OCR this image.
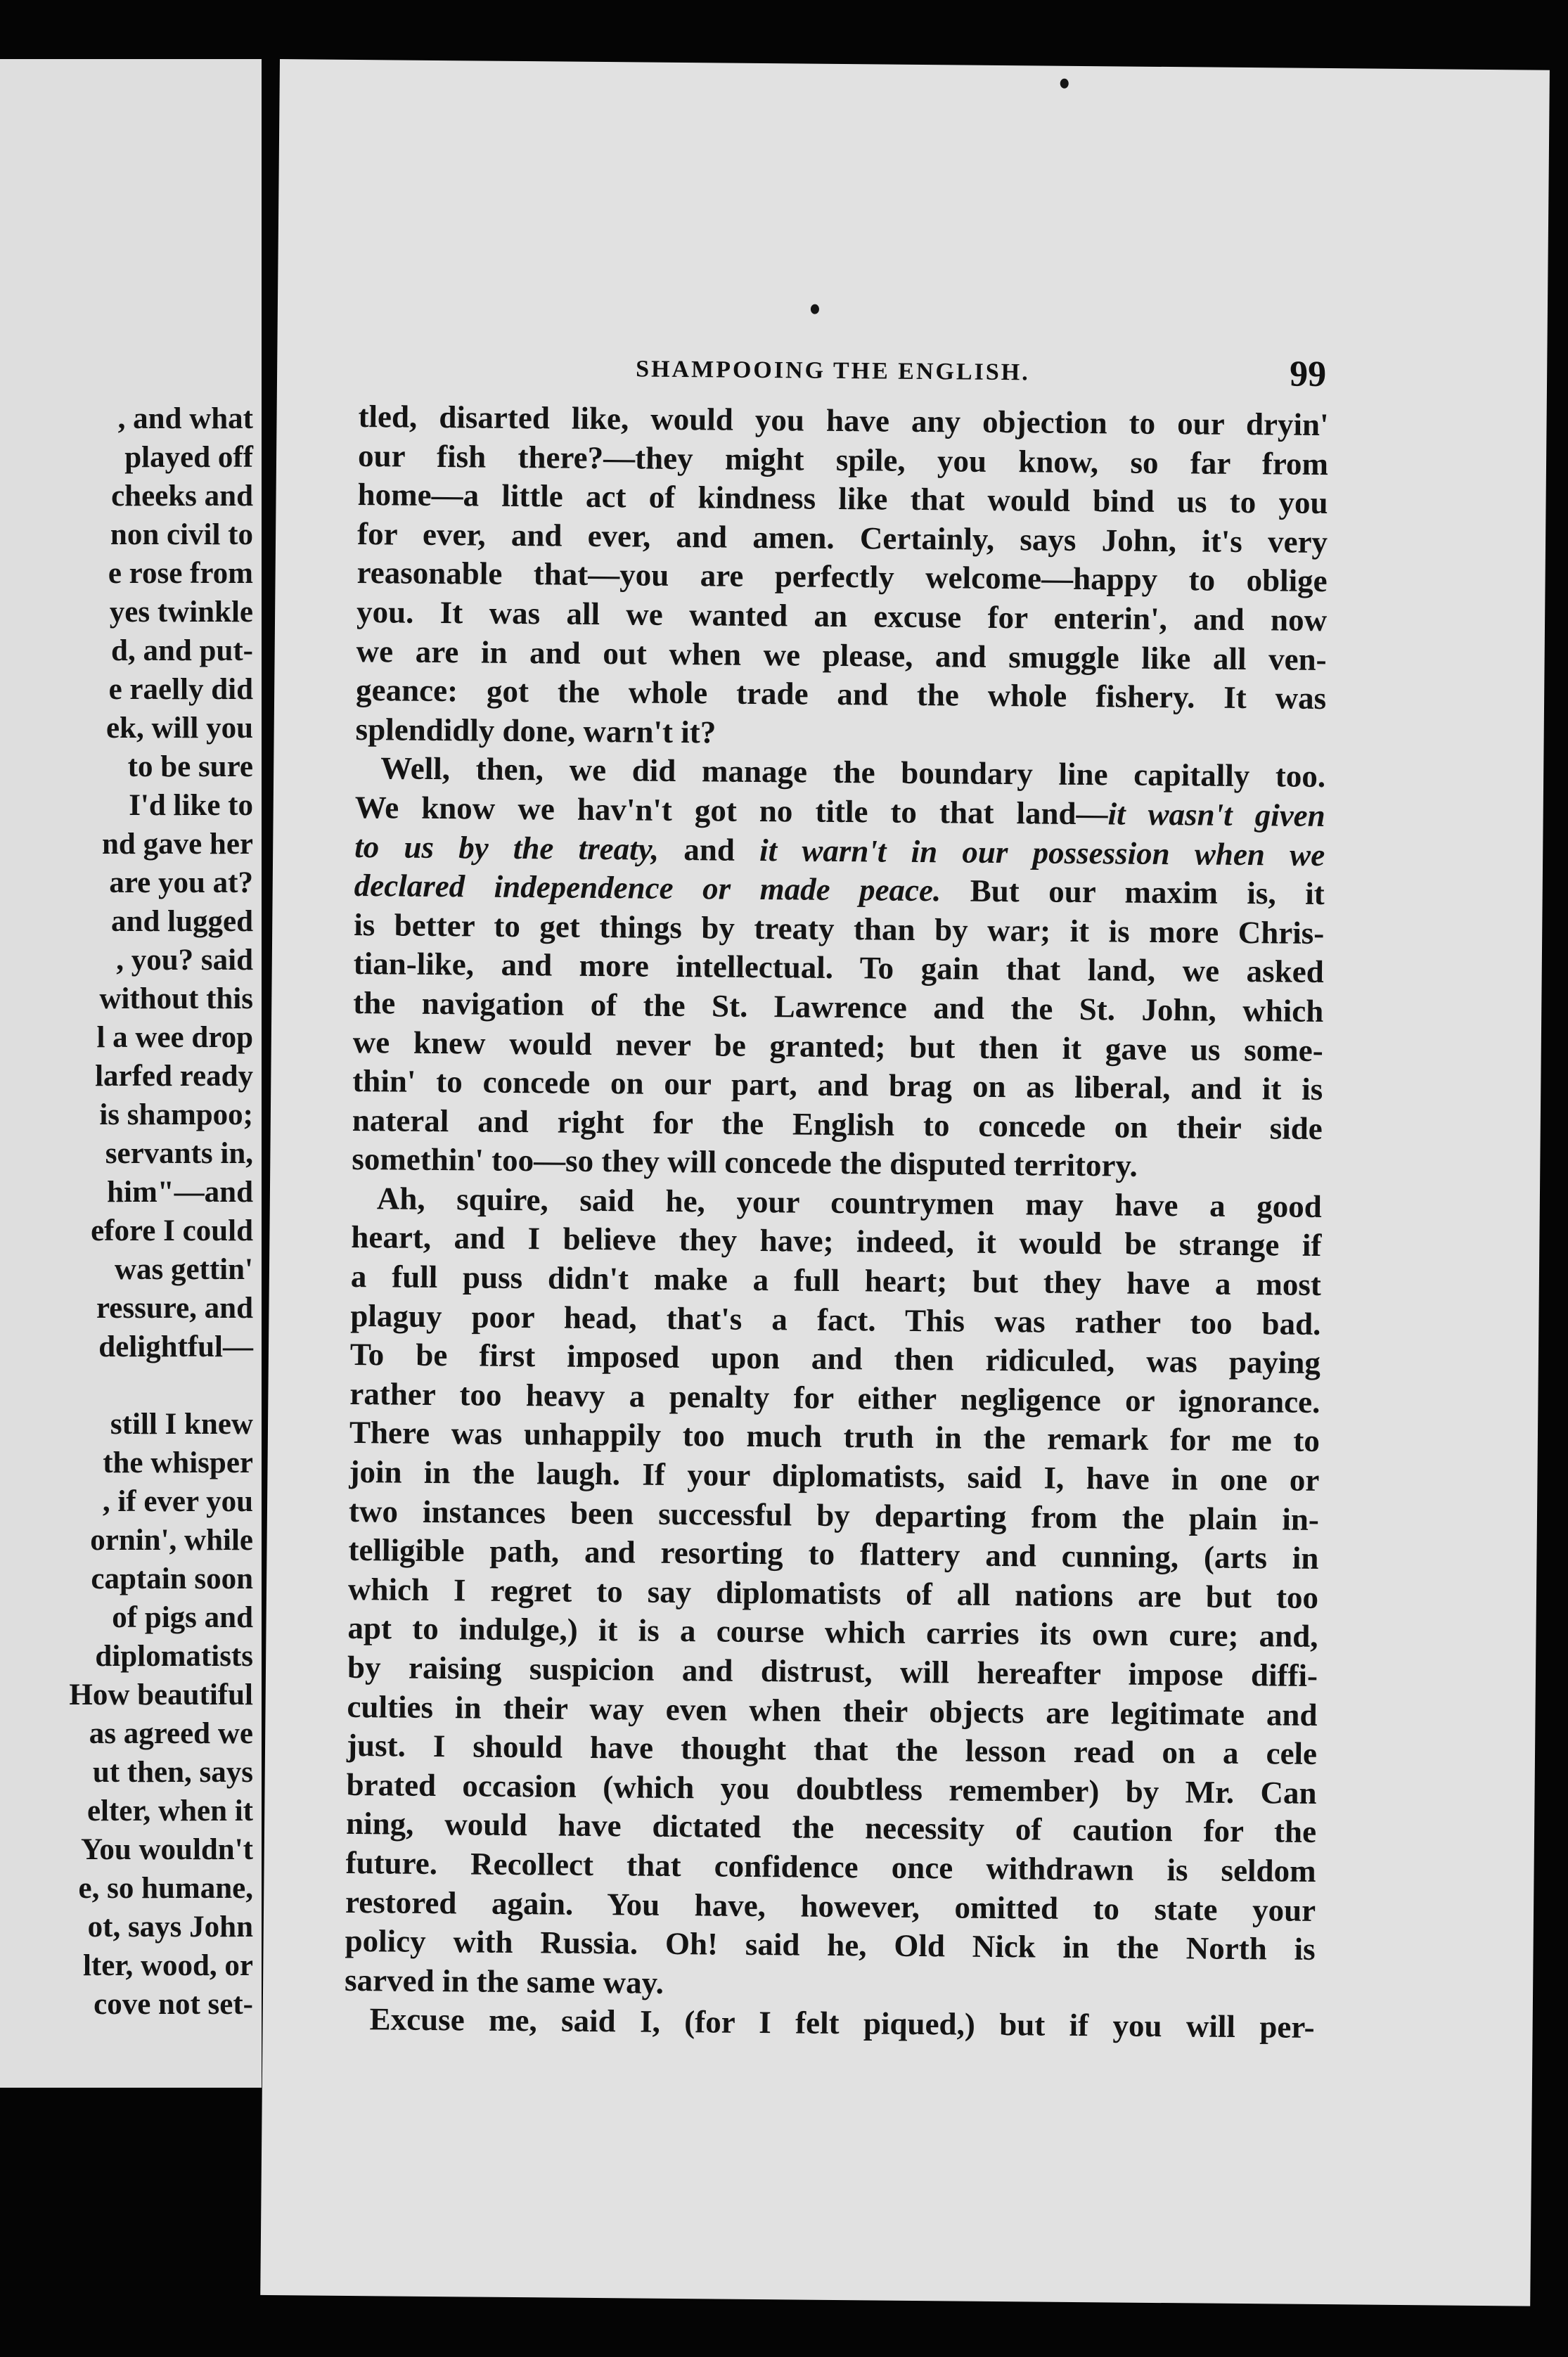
, and what
played off
cheeks and
non civil to
e rose from
yes twinkle
d, and put-
e raelly did
ek, will you
to be sure
I'd like to
nd gave her
are you at?
and lugged
, you? said
without this
l a wee drop
larfed ready
is shampoo;
servants in,
him"—and
efore I could
was gettin'
ressure, and
delightful—
still I knew
the whisper
, if ever you
ornin', while
captain soon
of pigs and
diplomatists
How beautiful
as agreed we
ut then, says
elter, when it
You wouldn't
e, so humane,
ot, says John
lter, wood, or
cove not set-
SHAMPOOING THE ENGLISH.	99
tled, disarted like, would you have any objection to our dryin'
our fish there?—they might spile, you know, so far from
home—a little act of kindness like that would bind us to you
for ever, and ever, and amen. Certainly, says John, it's very
reasonable that—you are perfectly welcome—happy to oblige
you. It was all we wanted an excuse for enterin', and now
we are in and out when we please, and smuggle like all ven-
geance: got the whole trade and the whole fishery. It was
splendidly done, warn't it?
Well, then, we did manage the boundary line capitally too.
We know we hav'n't got no title to that land—it wasn't given
to us by the treaty, and it warn't in our possession when we
declared independence or made peace. But our maxim is, it
is better to get things by treaty than by war; it is more Chris-
tian-like, and more intellectual. To gain that land, we asked
the navigation of the St. Lawrence and the St. John, which
we knew would never be granted; but then it gave us some-
thin' to concede on our part, and brag on as liberal, and it is
nateral and right for the English to concede on their side
somethin' too—so they will concede the disputed territory.
Ah, squire, said he, your countrymen may have a good
heart, and I believe they have; indeed, it would be strange if
a full puss didn't make a full heart; but they have a most
plaguy poor head, that's a fact. This was rather too bad.
To be first imposed upon and then ridiculed, was paying
rather too heavy a penalty for either negligence or ignorance.
There was unhappily too much truth in the remark for me to
join in the laugh. If your diplomatists, said I, have in one or
two instances been successful by departing from the plain in-
telligible path, and resorting to flattery and cunning, (arts in
which I regret to say diplomatists of all nations are but too
apt to indulge,) it is a course which carries its own cure; and,
by raising suspicion and distrust, will hereafter impose diffi-
culties in their way even when their objects are legitimate and
just. I should have thought that the lesson read on a cele
brated occasion (which you doubtless remember) by Mr. Can
ning, would have dictated the necessity of caution for the
future. Recollect that confidence once withdrawn is seldom
restored again. You have, however, omitted to state your
policy with Russia. Oh! said he, Old Nick in the North is
sarved in the same way.
Excuse me, said I, (for I felt piqued,) but if you will per-
